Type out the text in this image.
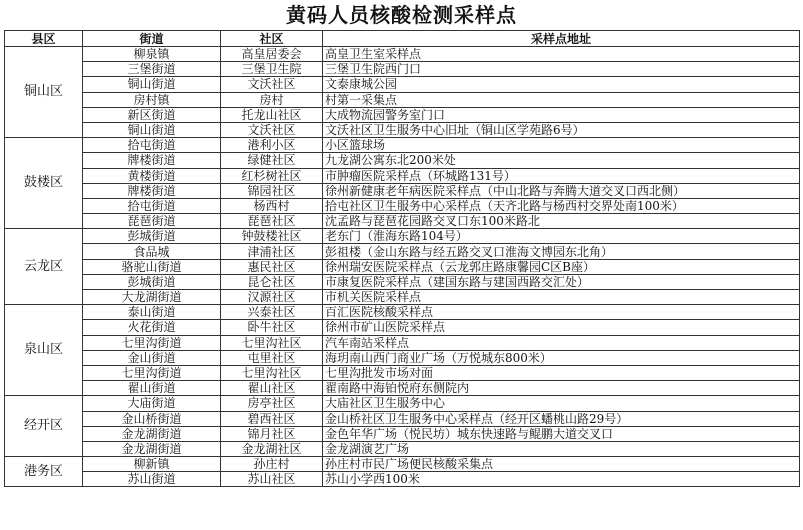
黄码人员核酸检测采样点
县区	街道	社区	采样点地址
铜山区	柳泉镇	高皇居委会	高皇卫生室采样点
	三堡街道	三堡卫生院	三堡卫生院西门口
	铜山街道	文沃社区	文泰康城公园
	房村镇	房村	村第一采集点
	新区街道	托龙山社区	大成物流园警务室门口
	铜山街道	文沃社区	文沃社区卫生服务中心旧址（铜山区学苑路6号）
鼓楼区	拾屯街道	港利小区	小区篮球场
	牌楼街道	绿健社区	九龙湖公寓东北200米处
	黄楼街道	红杉树社区	市肿瘤医院采样点（环城路131号）
	牌楼街道	锦园社区	徐州新健康老年病医院采样点（中山北路与奔腾大道交叉口西北侧）
	拾屯街道	杨西村	拾屯社区卫生服务中心采样点（天齐北路与杨西村交界处南100米）
	琵琶街道	琵琶社区	沈孟路与琵琶花园路交叉口东100米路北
云龙区	彭城街道	钟鼓楼社区	老东门（淮海东路104号）
	食品城	津浦社区	彭祖楼（金山东路与经五路交叉口淮海文博园东北角）
	骆驼山街道	惠民社区	徐州瑞安医院采样点（云龙郭庄路康馨园C区B座）
	彭城街道	昆仑社区	市康复医院采样点（建国东路与建国西路交汇处）
	大龙湖街道	汉源社区	市机关医院采样点
泉山区	泰山街道	兴泰社区	百汇医院核酸采样点
	火花街道	卧牛社区	徐州市矿山医院采样点
	七里沟街道	七里沟社区	汽车南站采样点
	金山街道	屯里社区	海玥南山西门商业广场（万悦城东800米）
	七里沟街道	七里沟社区	七里沟批发市场对面
	翟山街道	翟山社区	翟南路中海铂悦府东侧院内
经开区	大庙街道	房亭社区	大庙社区卫生服务中心
	金山桥街道	碧西社区	金山桥社区卫生服务中心采样点（经开区蟠桃山路29号）
	金龙湖街道	锦月社区	金色年华广场（悦民坊）城东快速路与鲲鹏大道交叉口
	金龙湖街道	金龙湖社区	金龙湖演艺广场
港务区	柳新镇	孙庄村	孙庄村市民广场便民核酸采集点
	苏山街道	苏山社区	苏山小学西100米
